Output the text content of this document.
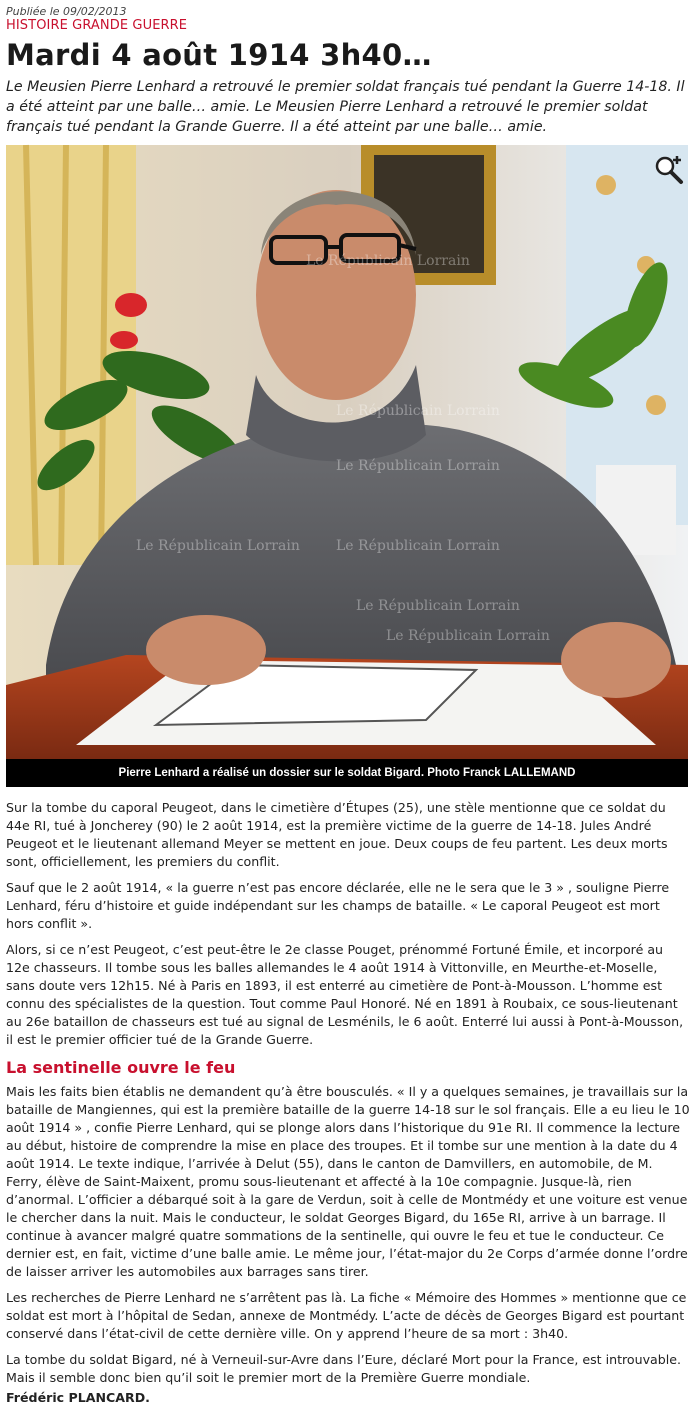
Publiée le 09/02/2013
HISTOIRE GRANDE GUERRE
Mardi 4 août 1914 3h40…
Le Meusien Pierre Lenhard a retrouvé le premier soldat français tué pendant la Guerre 14-18. Il a été atteint par une balle… amie. Le Meusien Pierre Lenhard a retrouvé le premier soldat français tué pendant la Grande Guerre. Il a été atteint par une balle… amie.
Le Républicain Lorrain
Le Républicain Lorrain
Le Républicain Lorrain
Le Républicain Lorrain
Le Républicain Lorrain
Le Républicain Lorrain
Le Républicain Lorrain
Pierre Lenhard a réalisé un dossier sur le soldat Bigard. Photo Franck LALLEMAND

Sur la tombe du caporal Peugeot, dans le cimetière d’Étupes (25), une stèle mentionne que ce soldat du 44e RI, tué à Joncherey (90) le 2 août 1914, est la première victime de la guerre de 14-18. Jules André Peugeot et le lieutenant allemand Meyer se mettent en joue. Deux coups de feu partent. Les deux morts sont, officiellement, les premiers du conflit.

Sauf que le 2 août 1914, « la guerre n’est pas encore déclarée, elle ne le sera que le 3 » , souligne Pierre Lenhard, féru d’histoire et guide indépendant sur les champs de bataille. « Le caporal Peugeot est mort hors conflit ».

Alors, si ce n’est Peugeot, c’est peut-être le 2e classe Pouget, prénommé Fortuné Émile, et incorporé au 12e chasseurs. Il tombe sous les balles allemandes le 4 août 1914 à Vittonville, en Meurthe-et-Moselle, sans doute vers 12h15. Né à Paris en 1893, il est enterré au cimetière de Pont-à-Mousson. L’homme est connu des spécialistes de la question. Tout comme Paul Honoré. Né en 1891 à Roubaix, ce sous-lieutenant au 26e bataillon de chasseurs est tué au signal de Lesménils, le 6 août. Enterré lui aussi à Pont-à-Mousson, il est le premier officier tué de la Grande Guerre.

La sentinelle ouvre le feu

Mais les faits bien établis ne demandent qu’à être bousculés. « Il y a quelques semaines, je travaillais sur la bataille de Mangiennes, qui est la première bataille de la guerre 14-18 sur le sol français. Elle a eu lieu le 10 août 1914 » , confie Pierre Lenhard, qui se plonge alors dans l’historique du 91e RI. Il commence la lecture au début, histoire de comprendre la mise en place des troupes. Et il tombe sur une mention à la date du 4 août 1914. Le texte indique, l’arrivée à Delut (55), dans le canton de Damvillers, en automobile, de M. Ferry, élève de Saint-Maixent, promu sous-lieutenant et affecté à la 10e compagnie. Jusque-là, rien d’anormal. L’officier a débarqué soit à la gare de Verdun, soit à celle de Montmédy et une voiture est venue le chercher dans la nuit. Mais le conducteur, le soldat Georges Bigard, du 165e RI, arrive à un barrage. Il continue à avancer malgré quatre sommations de la sentinelle, qui ouvre le feu et tue le conducteur. Ce dernier est, en fait, victime d’une balle amie. Le même jour, l’état-major du 2e Corps d’armée donne l’ordre de laisser arriver les automobiles aux barrages sans tirer.

Les recherches de Pierre Lenhard ne s’arrêtent pas là. La fiche « Mémoire des Hommes » mentionne que ce soldat est mort à l’hôpital de Sedan, annexe de Montmédy. L’acte de décès de Georges Bigard est pourtant conservé dans l’état-civil de cette dernière ville. On y apprend l’heure de sa mort : 3h40.

La tombe du soldat Bigard, né à Verneuil-sur-Avre dans l’Eure, déclaré Mort pour la France, est introuvable. Mais il semble donc bien qu’il soit le premier mort de la Première Guerre mondiale.

Frédéric PLANCARD.
